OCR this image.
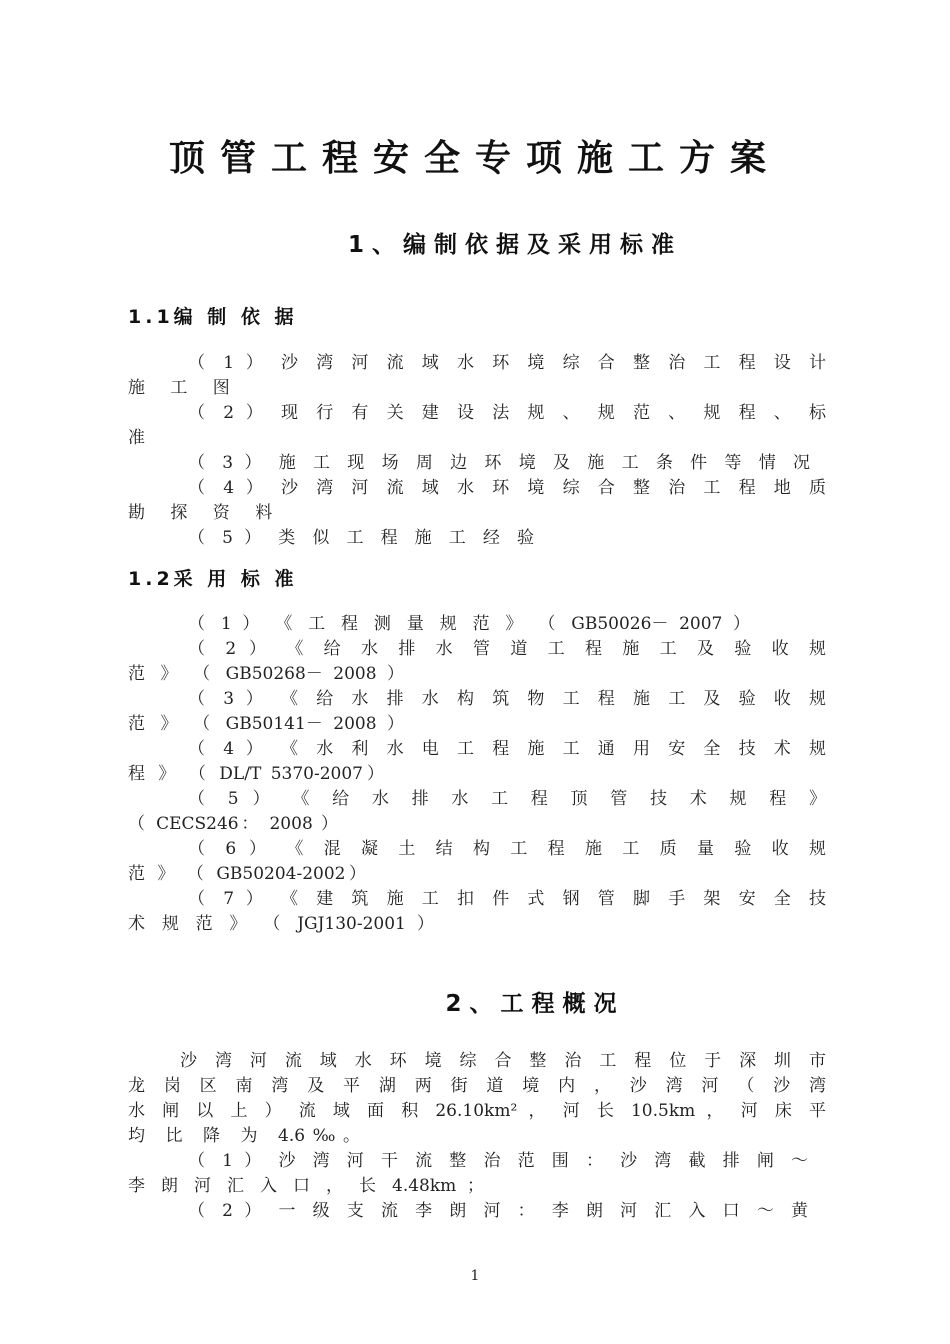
顶管工程安全专项施工方案
1、编制依据及采用标准
1.1编 制 依 据
（ 1 ） 沙 湾 河 流 域 水 环 境 综 合 整 治 工 程 设 计
施 工 图
（ 2 ） 现 行 有 关 建 设 法 规 、 规 范 、 规 程 、 标
准
（ 3 ） 施 工 现 场 周 边 环 境 及 施 工 条 件 等 情 况
（ 4 ） 沙 湾 河 流 域 水 环 境 综 合 整 治 工 程 地 质
勘 探 资 料
（ 5 ） 类 似 工 程 施 工 经 验
1.2采 用 标 准
（ 1 ） 《 工 程 测 量 规 范 》 （ GB50026－ 2007 ）
（ 2 ） 《 给 水 排 水 管 道 工 程 施 工 及 验 收 规
范 》 （ GB50268－ 2008 ）
（ 3 ） 《 给 水 排 水 构 筑 物 工 程 施 工 及 验 收 规
范 》 （ GB50141－ 2008 ）
（ 4 ） 《 水 利 水 电 工 程 施 工 通 用 安 全 技 术 规
程 》 （ DL/T 5370-2007）
（ 5 ） 《 给 水 排 水 工 程 顶 管 技 术 规 程 》
（ CECS246： 2008 ）
（ 6 ） 《 混 凝 土 结 构 工 程 施 工 质 量 验 收 规
范 》 （ GB50204-2002）
（ 7 ） 《 建 筑 施 工 扣 件 式 钢 管 脚 手 架 安 全 技
术 规 范 》 （ JGJ130-2001 ）
2、工程概况
沙 湾 河 流 域 水 环 境 综 合 整 治 工 程 位 于 深 圳 市
龙 岗 区 南 湾 及 平 湖 两 街 道 境 内 ， 沙 湾 河 （ 沙 湾
水 闸 以 上 ） 流 域 面 积 26.10km² ， 河 长 10.5km ， 河 床 平
均 比 降 为 4.6‰。
（ 1 ） 沙 湾 河 干 流 整 治 范 围 ： 沙 湾 截 排 闸 ～
李 朗 河 汇 入 口 ， 长 4.48km ；
（ 2 ） 一 级 支 流 李 朗 河 ： 李 朗 河 汇 入 口 ～ 黄
1
